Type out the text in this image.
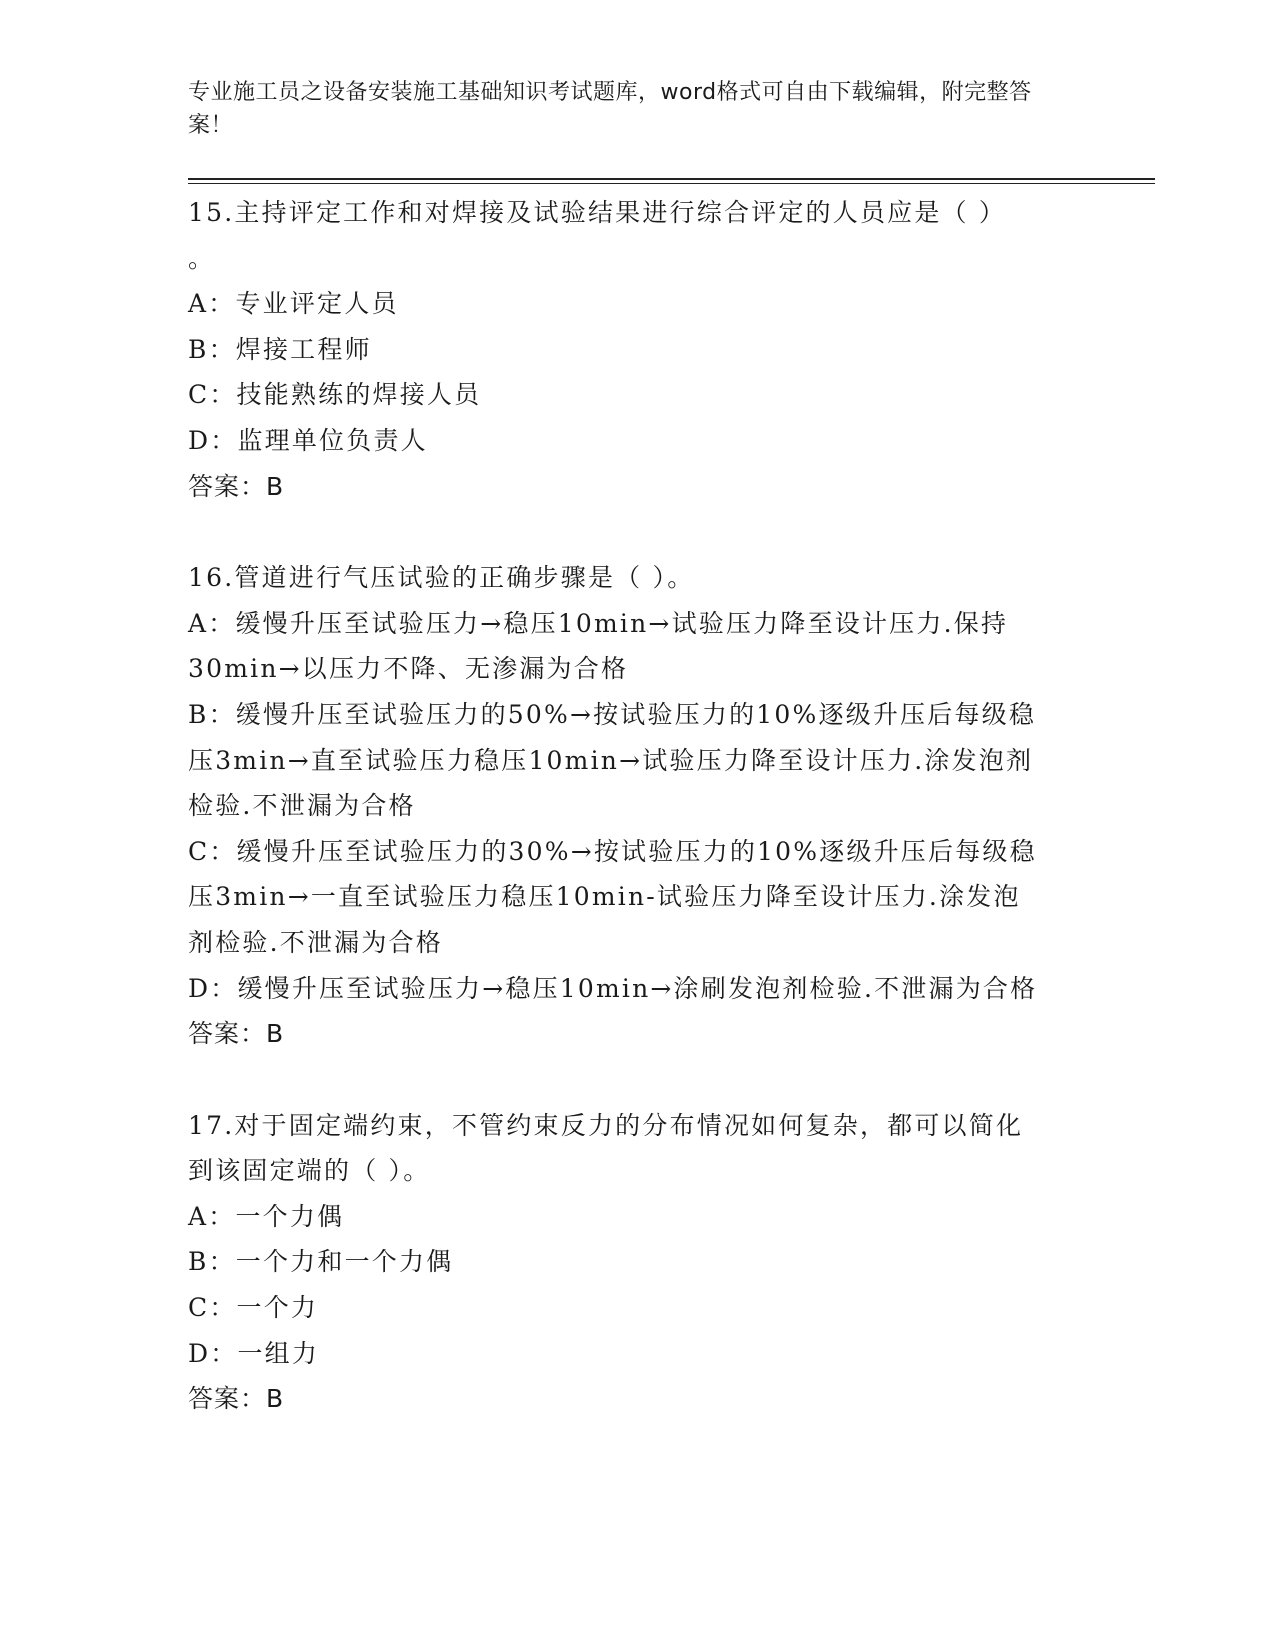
专业施工员之设备安装施工基础知识考试题库，word格式可自由下载编辑，附完整答案！
15.主持评定工作和对焊接及试验结果进行综合评定的人员应是（ ）
。
A：专业评定人员
B：焊接工程师
C：技能熟练的焊接人员
D：监理单位负责人
答案：B
16.管道进行气压试验的正确步骤是（ ）。
A：缓慢升压至试验压力→稳压10min→试验压力降至设计压力.保持
30min→以压力不降、无渗漏为合格
B：缓慢升压至试验压力的50%→按试验压力的10%逐级升压后每级稳
压3min→直至试验压力稳压10min→试验压力降至设计压力.涂发泡剂
检验.不泄漏为合格
C：缓慢升压至试验压力的30%→按试验压力的10%逐级升压后每级稳
压3min→一直至试验压力稳压10min-试验压力降至设计压力.涂发泡
剂检验.不泄漏为合格
D：缓慢升压至试验压力→稳压10min→涂刷发泡剂检验.不泄漏为合格
答案：B
17.对于固定端约束，不管约束反力的分布情况如何复杂，都可以简化
到该固定端的（ ）。
A：一个力偶
B：一个力和一个力偶
C：一个力
D：一组力
答案：B
